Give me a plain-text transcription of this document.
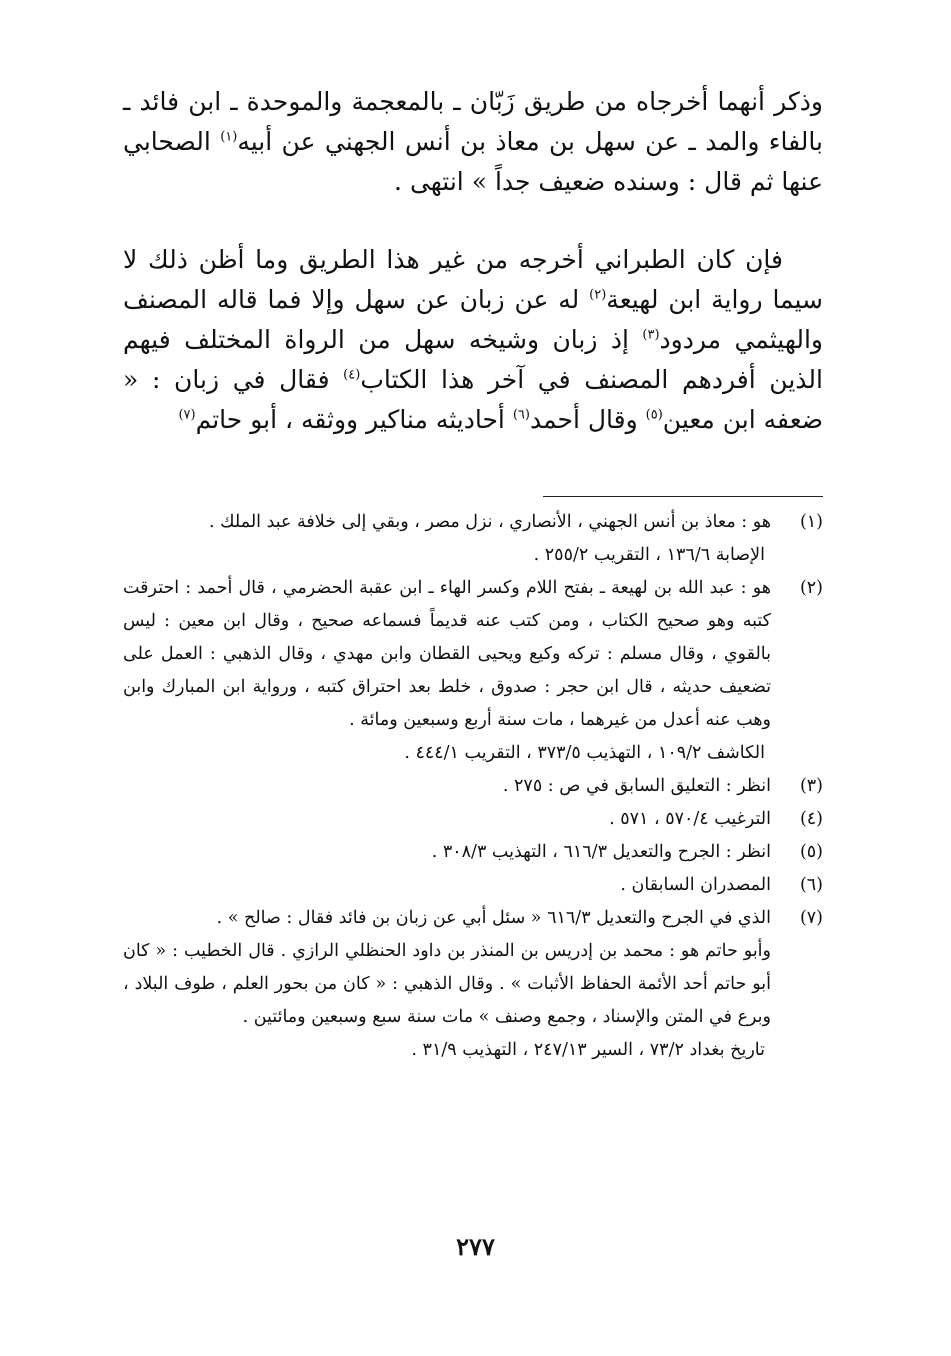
وذكر أنهما أخرجاه من طريق زَبّان ـ بالمعجمة والموحدة ـ ابن فائد ـ بالفاء والمد ـ عن سهل بن معاذ بن أنس الجهني عن أبيه$^{(١)}$ الصحابي عنها ثم قال : وسنده ضعيف جداً » انتهى .

فإن كان الطبراني أخرجه من غير هذا الطريق وما أظن ذلك لا سيما رواية ابن لهيعة$^{(٢)}$ له عن زبان عن سهل وإلا فما قاله المصنف والهيثمي مردود$^{(٣)}$ إذ زبان وشيخه سهل من الرواة المختلف فيهم الذين أفردهم المصنف في آخر هذا الكتاب$^{(٤)}$ فقال في زبان : « ضعفه ابن معين$^{(٥)}$ وقال أحمد$^{(٦)}$ أحاديثه مناكير ووثقه ، أبو حاتم$^{(٧)}$

(١)

هو : معاذ بن أنس الجهني ، الأنصاري ، نزل مصر ، وبقي إلى خلافة عبد الملك .

الإصابة ١٣٦/٦ ، التقريب ٢٥٥/٢ .

(٢)

هو : عبد الله بن لهيعة ـ بفتح اللام وكسر الهاء ـ ابن عقبة الحضرمي ، قال أحمد : احترقت كتبه وهو صحيح الكتاب ، ومن كتب عنه قديماً فسماعه صحيح ، وقال ابن معين : ليس بالقوي ، وقال مسلم : تركه وكيع ويحيى القطان وابن مهدي ، وقال الذهبي : العمل على تضعيف حديثه ، قال ابن حجر : صدوق ، خلط بعد احتراق كتبه ، ورواية ابن المبارك وابن وهب عنه أعدل من غيرهما ، مات سنة أربع وسبعين ومائة .

الكاشف ١٠٩/٢ ، التهذيب ٣٧٣/٥ ، التقريب ٤٤٤/١ .

(٣)

انظر : التعليق السابق في ص : ٢٧٥ .

(٤)

الترغيب ٥٧٠/٤ ، ٥٧١ .

(٥)

انظر : الجرح والتعديل ٦١٦/٣ ، التهذيب ٣٠٨/٣ .

(٦)

المصدران السابقان .

(٧)

الذي في الجرح والتعديل ٦١٦/٣ « سئل أبي عن زبان بن فائد فقال : صالح » .

وأبو حاتم هو : محمد بن إدريس بن المنذر بن داود الحنظلي الرازي . قال الخطيب : « كان أبو حاتم أحد الأئمة الحفاظ الأثبات » . وقال الذهبي : « كان من بحور العلم ، طوف البلاد ، وبرع في المتن والإسناد ، وجمع وصنف » مات سنة سبع وسبعين ومائتين .

تاريخ بغداد ٧٣/٢ ، السير ٢٤٧/١٣ ، التهذيب ٣١/٩ .

٢٧٧
